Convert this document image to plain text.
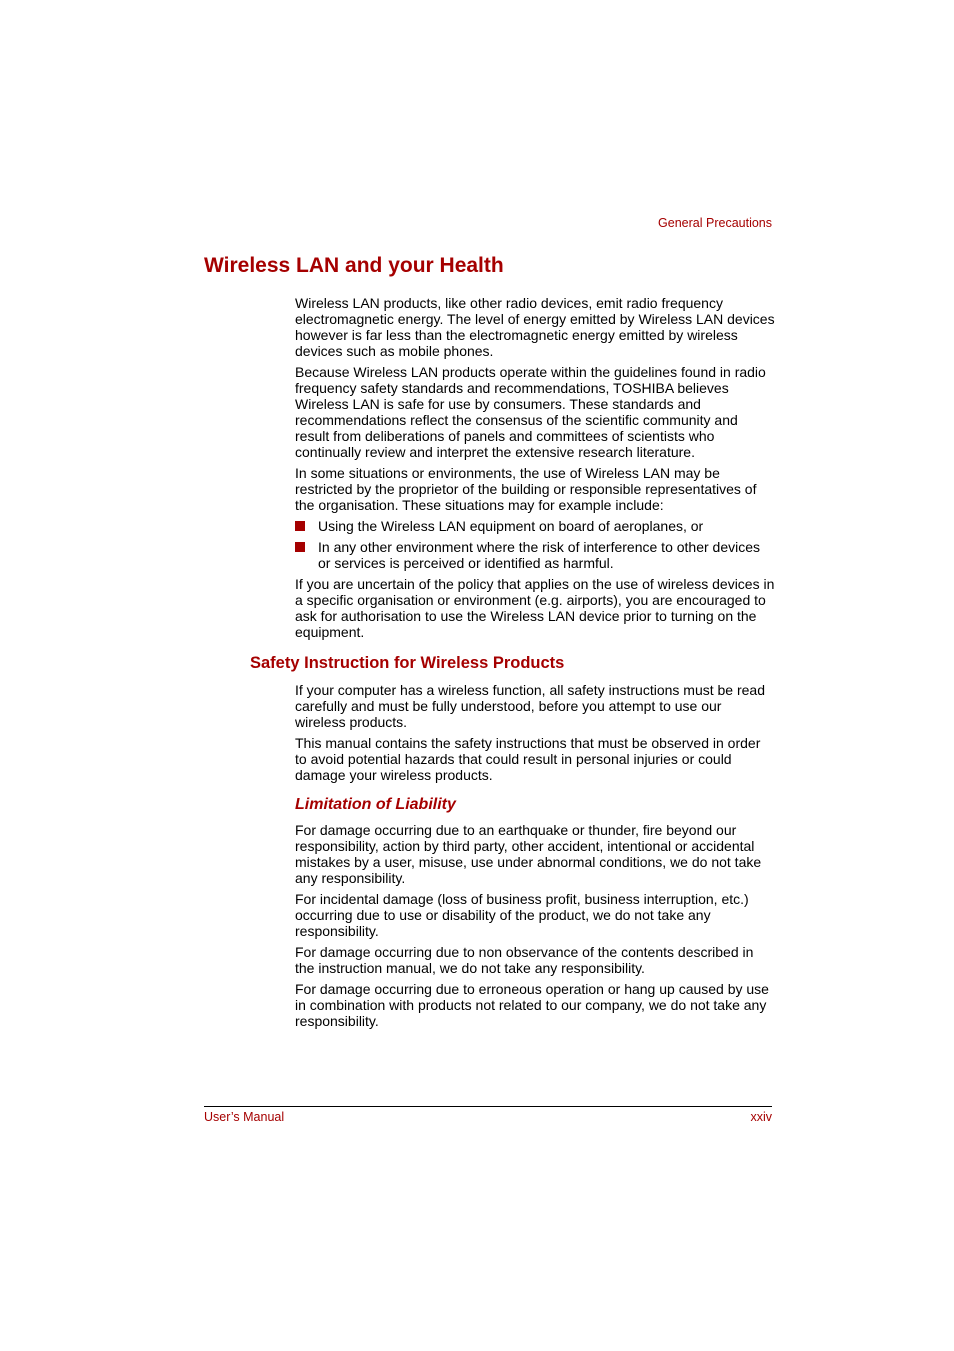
General Precautions
Wireless LAN and your Health

Wireless LAN products, like other radio devices, emit radio frequency electromagnetic energy. The level of energy emitted by Wireless LAN devices however is far less than the electromagnetic energy emitted by wireless devices such as mobile phones.

Because Wireless LAN products operate within the guidelines found in radio frequency safety standards and recommendations, TOSHIBA believes Wireless LAN is safe for use by consumers. These standards and recommendations reflect the consensus of the scientific community and result from deliberations of panels and committees of scientists who continually review and interpret the extensive research literature.

In some situations or environments, the use of Wireless LAN may be restricted by the proprietor of the building or responsible representatives of the organisation. These situations may for example include:

Using the Wireless LAN equipment on board of aeroplanes, or
In any other environment where the risk of interference to other devices or services is perceived or identified as harmful.

If you are uncertain of the policy that applies on the use of wireless devices in a specific organisation or environment (e.g. airports), you are encouraged to ask for authorisation to use the Wireless LAN device prior to turning on the equipment.

Safety Instruction for Wireless Products

If your computer has a wireless function, all safety instructions must be read carefully and must be fully understood, before you attempt to use our wireless products.

This manual contains the safety instructions that must be observed in order to avoid potential hazards that could result in personal injuries or could damage your wireless products.

Limitation of Liability

For damage occurring due to an earthquake or thunder, fire beyond our responsibility, action by third party, other accident, intentional or accidental mistakes by a user, misuse, use under abnormal conditions, we do not take any responsibility.

For incidental damage (loss of business profit, business interruption, etc.) occurring due to use or disability of the product, we do not take any responsibility.

For damage occurring due to non observance of the contents described in the instruction manual, we do not take any responsibility.

For damage occurring due to erroneous operation or hang up caused by use in combination with products not related to our company, we do not take any responsibility.

User’s Manual	xxiv
